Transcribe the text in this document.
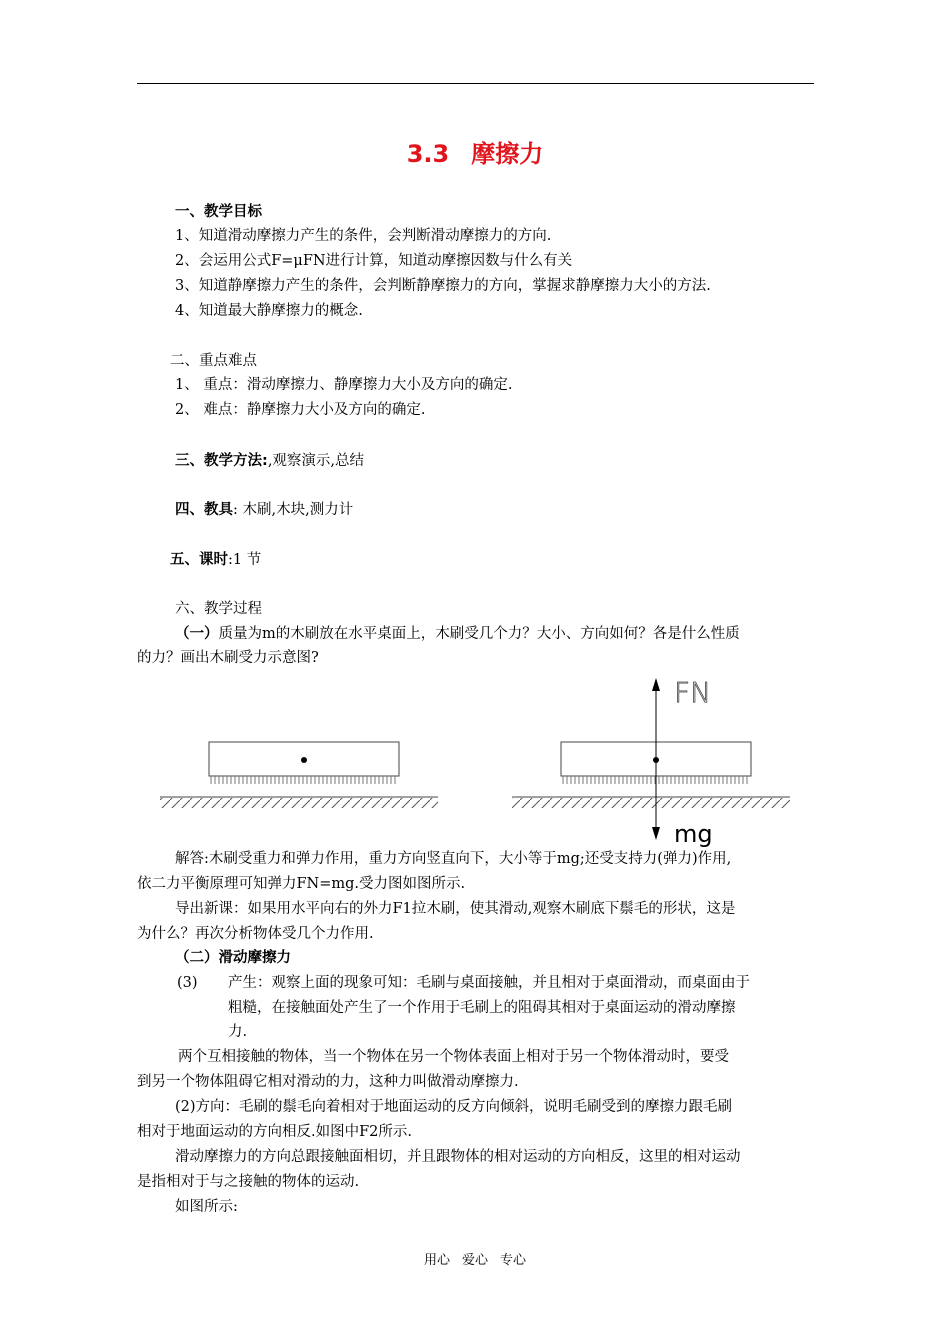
3.3 摩擦力
一、教学目标
1、知道滑动摩擦力产生的条件，会判断滑动摩擦力的方向.
2、会运用公式F=μFN进行计算，知道动摩擦因数与什么有关
3、知道静摩擦力产生的条件，会判断静摩擦力的方向，掌握求静摩擦力大小的方法.
4、知道最大静摩擦力的概念.
二、重点难点
1、 重点：滑动摩擦力、静摩擦力大小及方向的确定.
2、 难点：静摩擦力大小及方向的确定.
三、教学方法:,观察演示,总结
四、教具: 木刷,木块,测力计
五、课时:1 节
六、教学过程
（一）质量为m的木刷放在水平桌面上，木刷受几个力？大小、方向如何？各是什么性质
的力？画出木刷受力示意图?
FN
mg
解答:木刷受重力和弹力作用，重力方向竖直向下，大小等于mg;还受支持力(弹力)作用,
依二力平衡原理可知弹力FN=mg.受力图如图所示.
导出新课：如果用水平向右的外力F1拉木刷，使其滑动,观察木刷底下鬃毛的形状，这是
为什么？再次分析物体受几个力作用.
（二）滑动摩擦力
(3) 产生：观察上面的现象可知：毛刷与桌面接触，并且相对于桌面滑动，而桌面由于
粗糙，在接触面处产生了一个作用于毛刷上的阻碍其相对于桌面运动的滑动摩擦
力.
两个互相接触的物体，当一个物体在另一个物体表面上相对于另一个物体滑动时，要受
到另一个物体阻碍它相对滑动的力，这种力叫做滑动摩擦力.
(2)方向：毛刷的鬃毛向着相对于地面运动的反方向倾斜，说明毛刷受到的摩擦力跟毛刷
相对于地面运动的方向相反.如图中F2所示.
滑动摩擦力的方向总跟接触面相切，并且跟物体的相对运动的方向相反，这里的相对运动
是指相对于与之接触的物体的运动.
如图所示:
用心 爱心 专心
